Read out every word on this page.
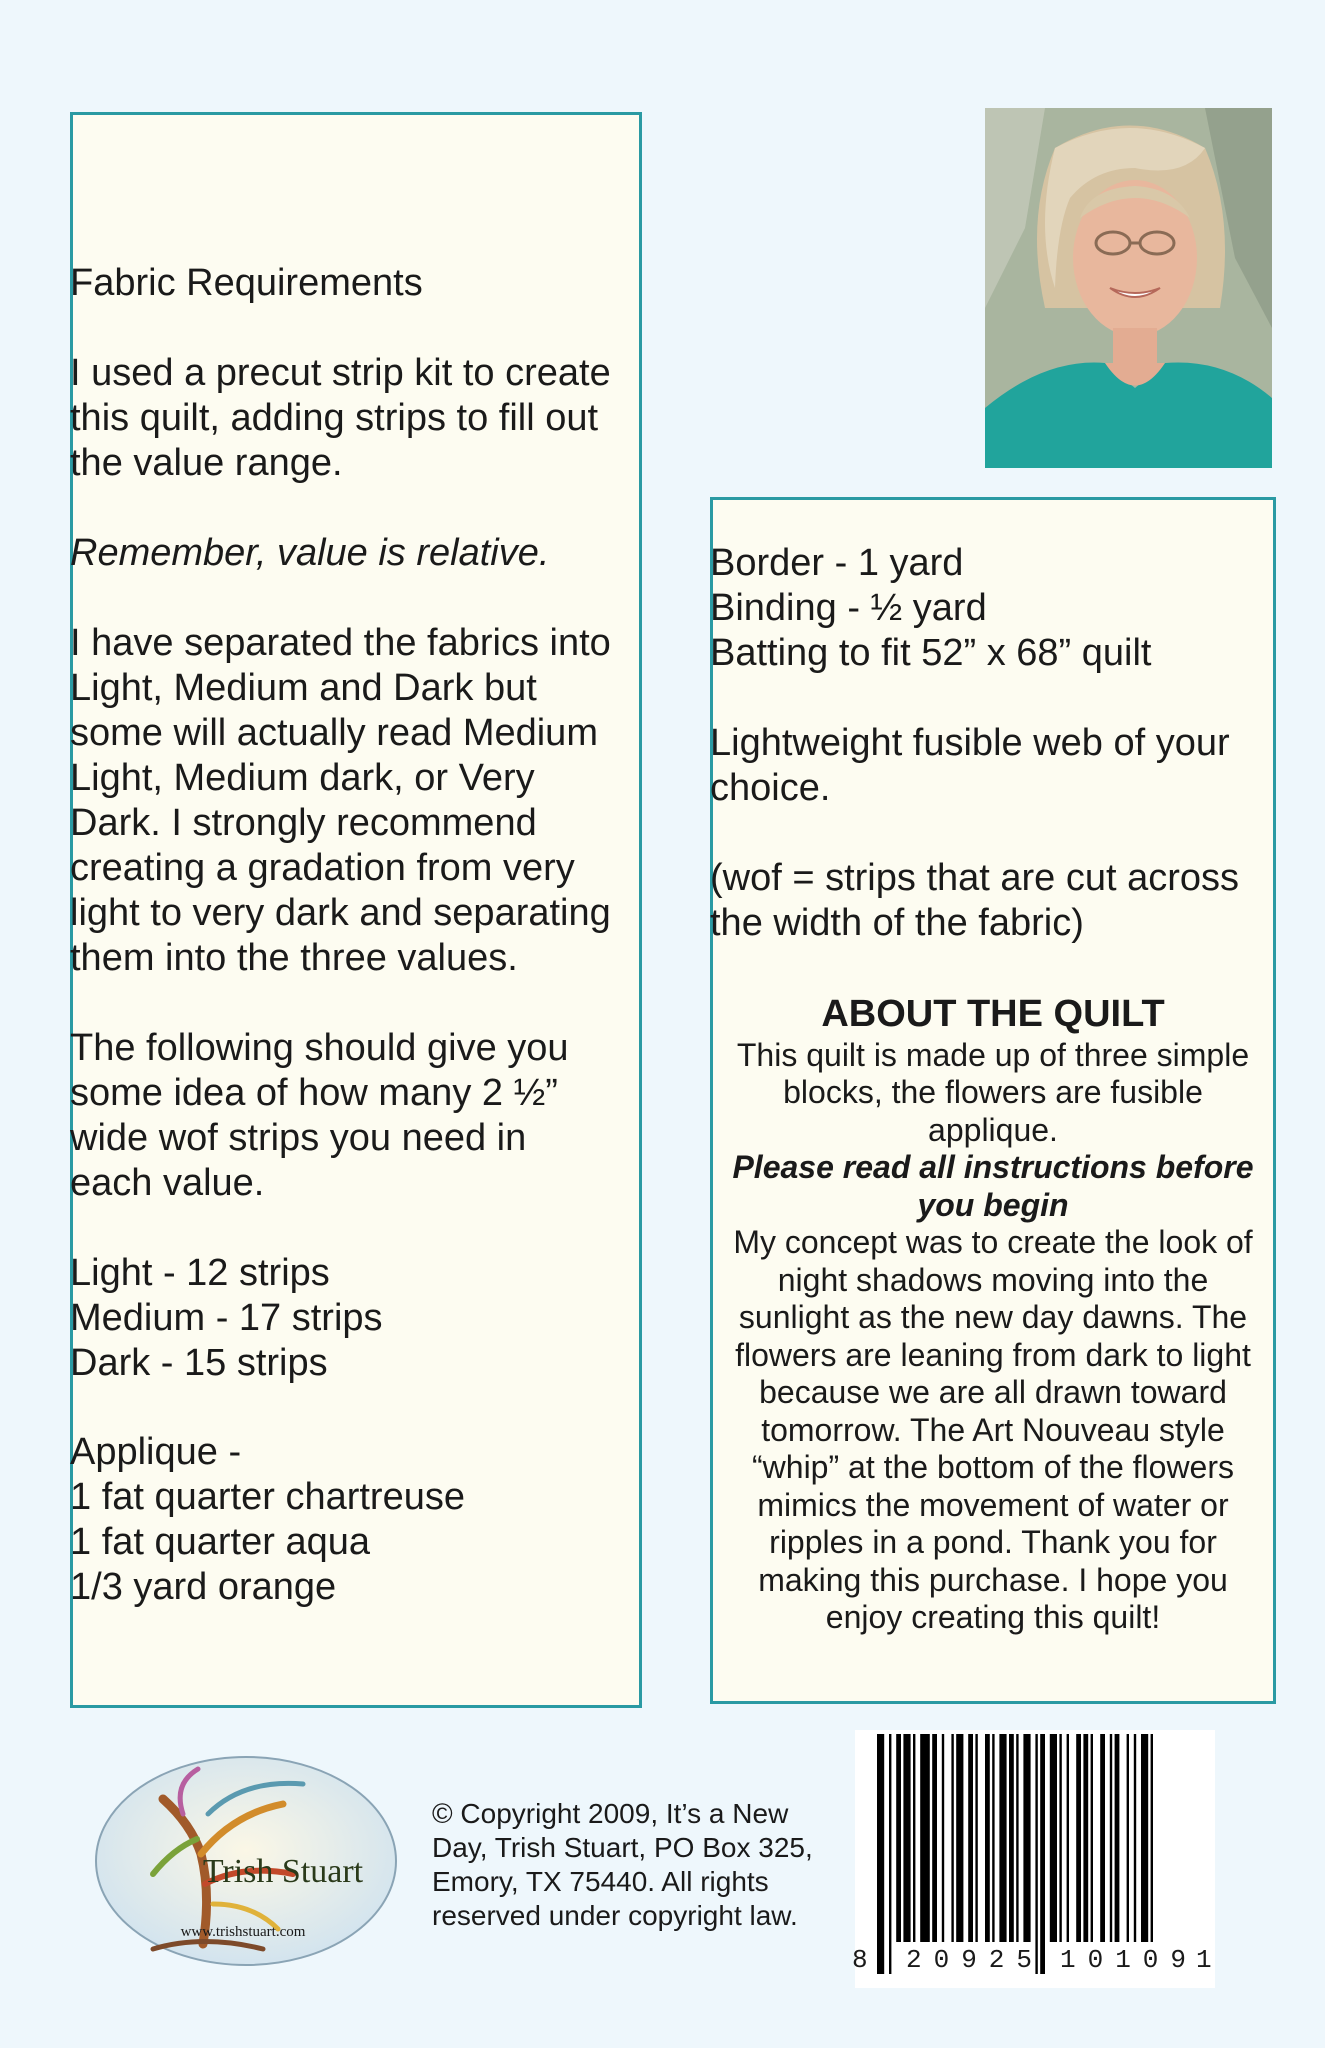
Fabric Requirements
I used a precut strip kit to create
this quilt, adding strips to fill out
the value range.
Remember, value is relative.
I have separated the fabrics into
Light, Medium and Dark but
some will actually read Medium
Light, Medium dark, or Very
Dark. I strongly recommend
creating a gradation from very
light to very dark and separating
them into the three values.
The following should give you
some idea of how many 2 ½”
wide wof strips you need in
each value.
Light - 12 strips
Medium - 17 strips
Dark - 15 strips
Applique -
1 fat quarter chartreuse
1 fat quarter aqua
1/3 yard orange
Border - 1 yard
Binding - ½ yard
Batting to fit 52” x 68” quilt
Lightweight fusible web of your
choice.
(wof = strips that are cut across
the width of the fabric)
ABOUT THE QUILT
This quilt is made up of three simple
blocks, the flowers are fusible
applique.
Please read all instructions before
you begin
My concept was to create the look of
night shadows moving into the
sunlight as the new day dawns. The
flowers are leaning from dark to light
because we are all drawn toward
tomorrow. The Art Nouveau style
“whip” at the bottom of the flowers
mimics the movement of water or
ripples in a pond. Thank you for
making this purchase. I hope you
enjoy creating this quilt!
Trish Stuart
www.trishstuart.com
© Copyright 2009, It’s a New
Day, Trish Stuart, PO Box 325,
Emory, TX 75440. All rights
reserved under copyright law.
8 20925 10109
1
